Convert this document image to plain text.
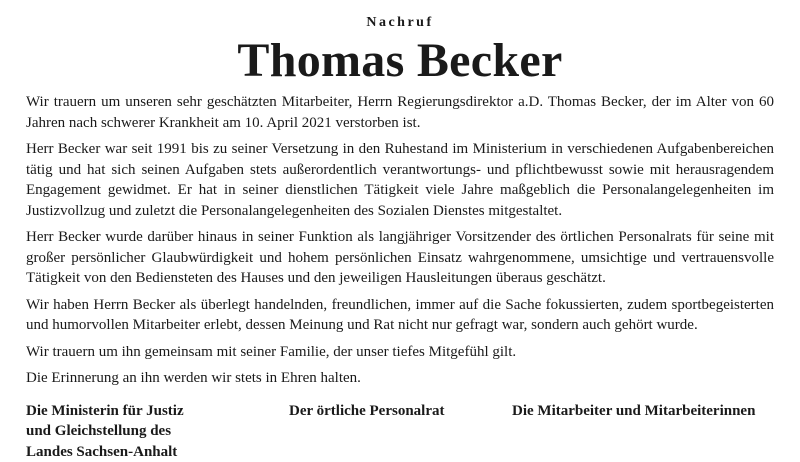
Nachruf

Thomas Becker

Wir trauern um unseren sehr geschätzten Mitarbeiter, Herrn Regierungsdirektor a.D. Thomas Becker, der im Alter von 60 Jahren nach schwerer Krankheit am 10. April 2021 verstorben ist.

Herr Becker war seit 1991 bis zu seiner Versetzung in den Ruhestand im Ministerium in verschiedenen Aufgabenbereichen tätig und hat sich seinen Aufgaben stets außerordentlich verantwortungs- und pflichtbewusst sowie mit herausragendem Engagement gewidmet. Er hat in seiner dienstlichen Tätigkeit viele Jahre maßgeblich die Personalangelegenheiten im Justizvollzug und zuletzt die Personalangelegenheiten des Sozialen Dienstes mitgestaltet.

Herr Becker wurde darüber hinaus in seiner Funktion als langjähriger Vorsitzender des örtlichen Personalrats für seine mit großer persönlicher Glaubwürdigkeit und hohem persönlichen Einsatz wahrgenommene, umsichtige und vertrauensvolle Tätigkeit von den Bediensteten des Hauses und den jeweiligen Hausleitungen überaus geschätzt.

Wir haben Herrn Becker als überlegt handelnden, freundlichen, immer auf die Sache fokussierten, zudem sportbegeisterten und humorvollen Mitarbeiter erlebt, dessen Meinung und Rat nicht nur gefragt war, sondern auch gehört wurde.

Wir trauern um ihn gemeinsam mit seiner Familie, der unser tiefes Mitgefühl gilt.

Die Erinnerung an ihn werden wir stets in Ehren halten.

Die Ministerin für Justiz
und Gleichstellung des
Landes Sachsen-Anhalt
Der örtliche Personalrat	Die Mitarbeiter und Mitarbeiterinnen
